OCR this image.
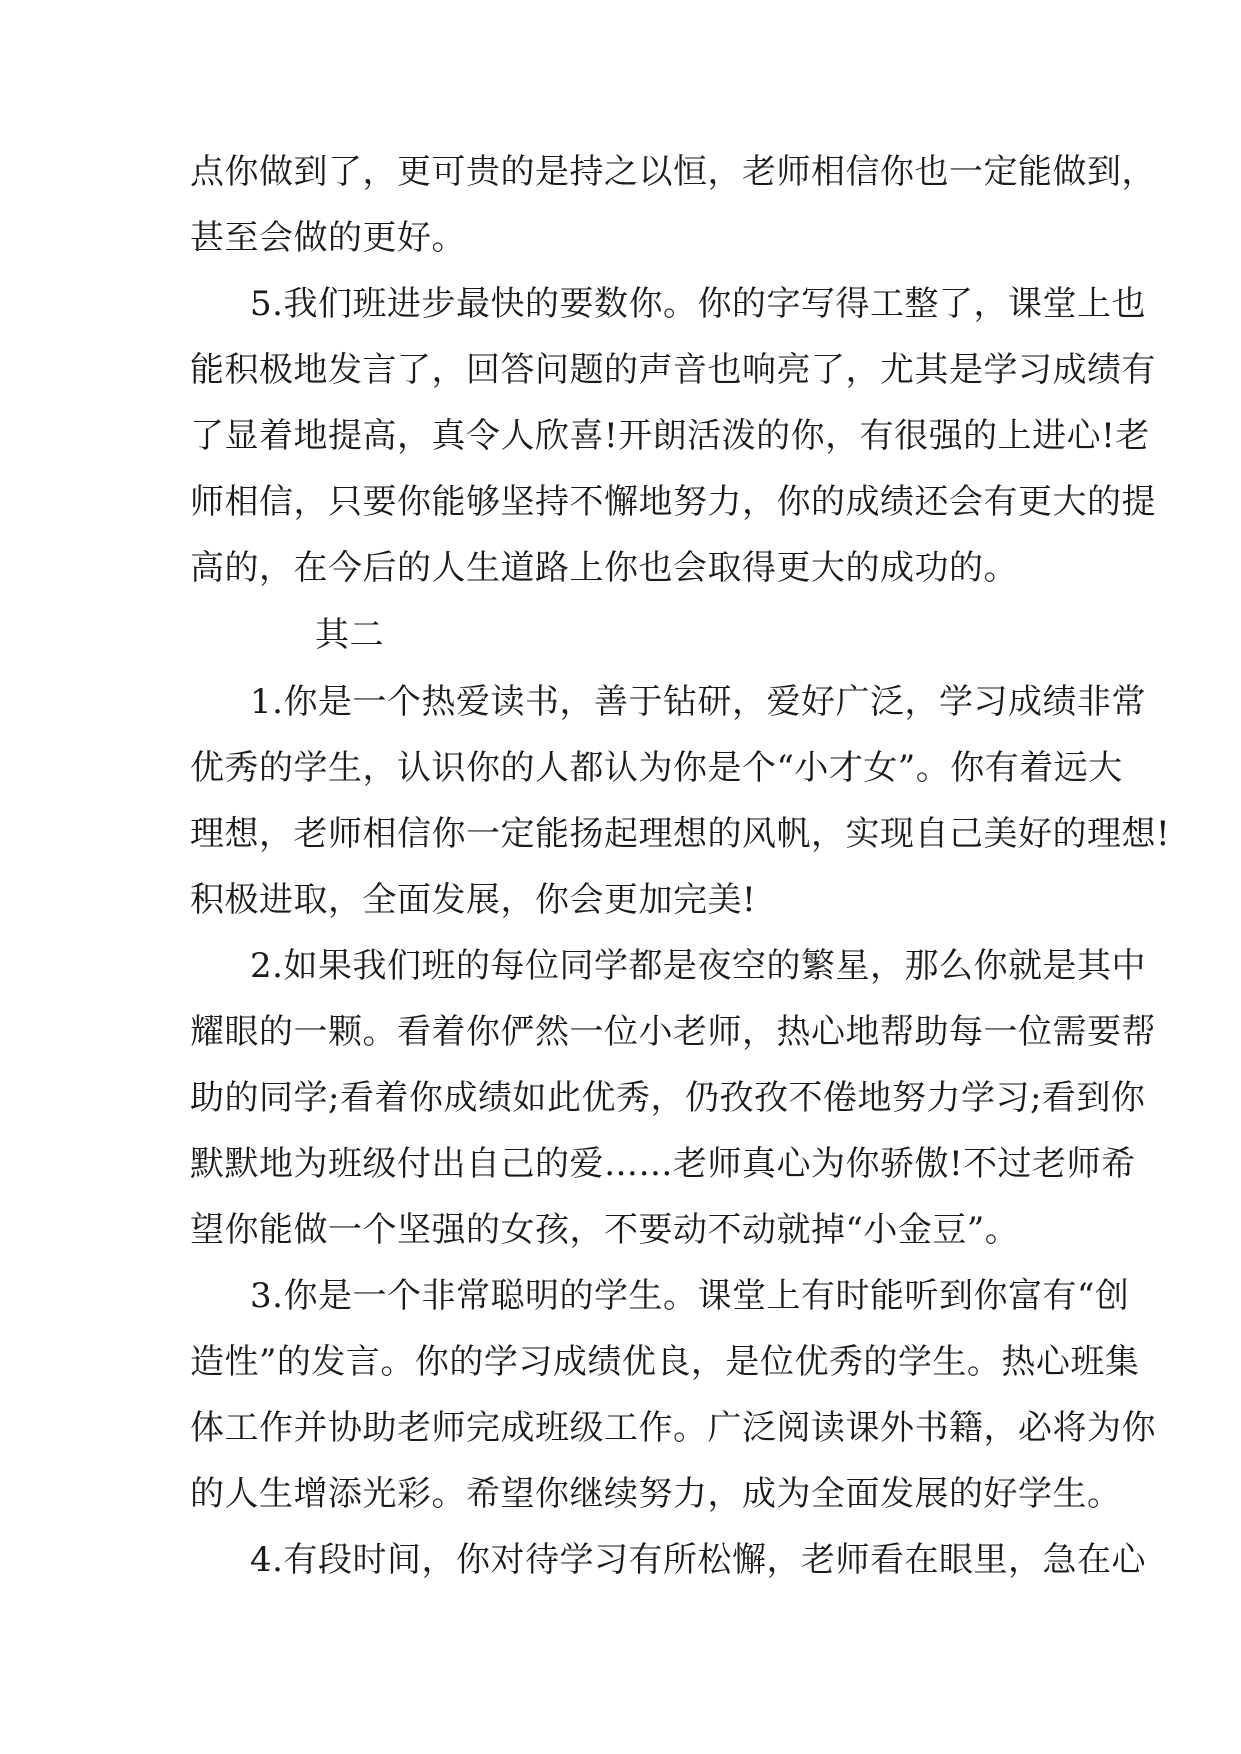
点你做到了，更可贵的是持之以恒，老师相信你也一定能做到，
甚至会做的更好。
5.我们班进步最快的要数你。你的字写得工整了，课堂上也
能积极地发言了，回答问题的声音也响亮了，尤其是学习成绩有
了显着地提高，真令人欣喜!开朗活泼的你，有很强的上进心!老
师相信，只要你能够坚持不懈地努力，你的成绩还会有更大的提
高的，在今后的人生道路上你也会取得更大的成功的。
其二
1.你是一个热爱读书，善于钻研，爱好广泛，学习成绩非常
优秀的学生，认识你的人都认为你是个“小才女”。你有着远大
理想，老师相信你一定能扬起理想的风帆，实现自己美好的理想!
积极进取，全面发展，你会更加完美!
2.如果我们班的每位同学都是夜空的繁星，那么你就是其中
耀眼的一颗。看着你俨然一位小老师，热心地帮助每一位需要帮
助的同学;看着你成绩如此优秀，仍孜孜不倦地努力学习;看到你
默默地为班级付出自己的爱……老师真心为你骄傲!不过老师希
望你能做一个坚强的女孩，不要动不动就掉“小金豆”。
3.你是一个非常聪明的学生。课堂上有时能听到你富有“创
造性”的发言。你的学习成绩优良，是位优秀的学生。热心班集
体工作并协助老师完成班级工作。广泛阅读课外书籍，必将为你
的人生增添光彩。希望你继续努力，成为全面发展的好学生。
4.有段时间，你对待学习有所松懈，老师看在眼里，急在心
